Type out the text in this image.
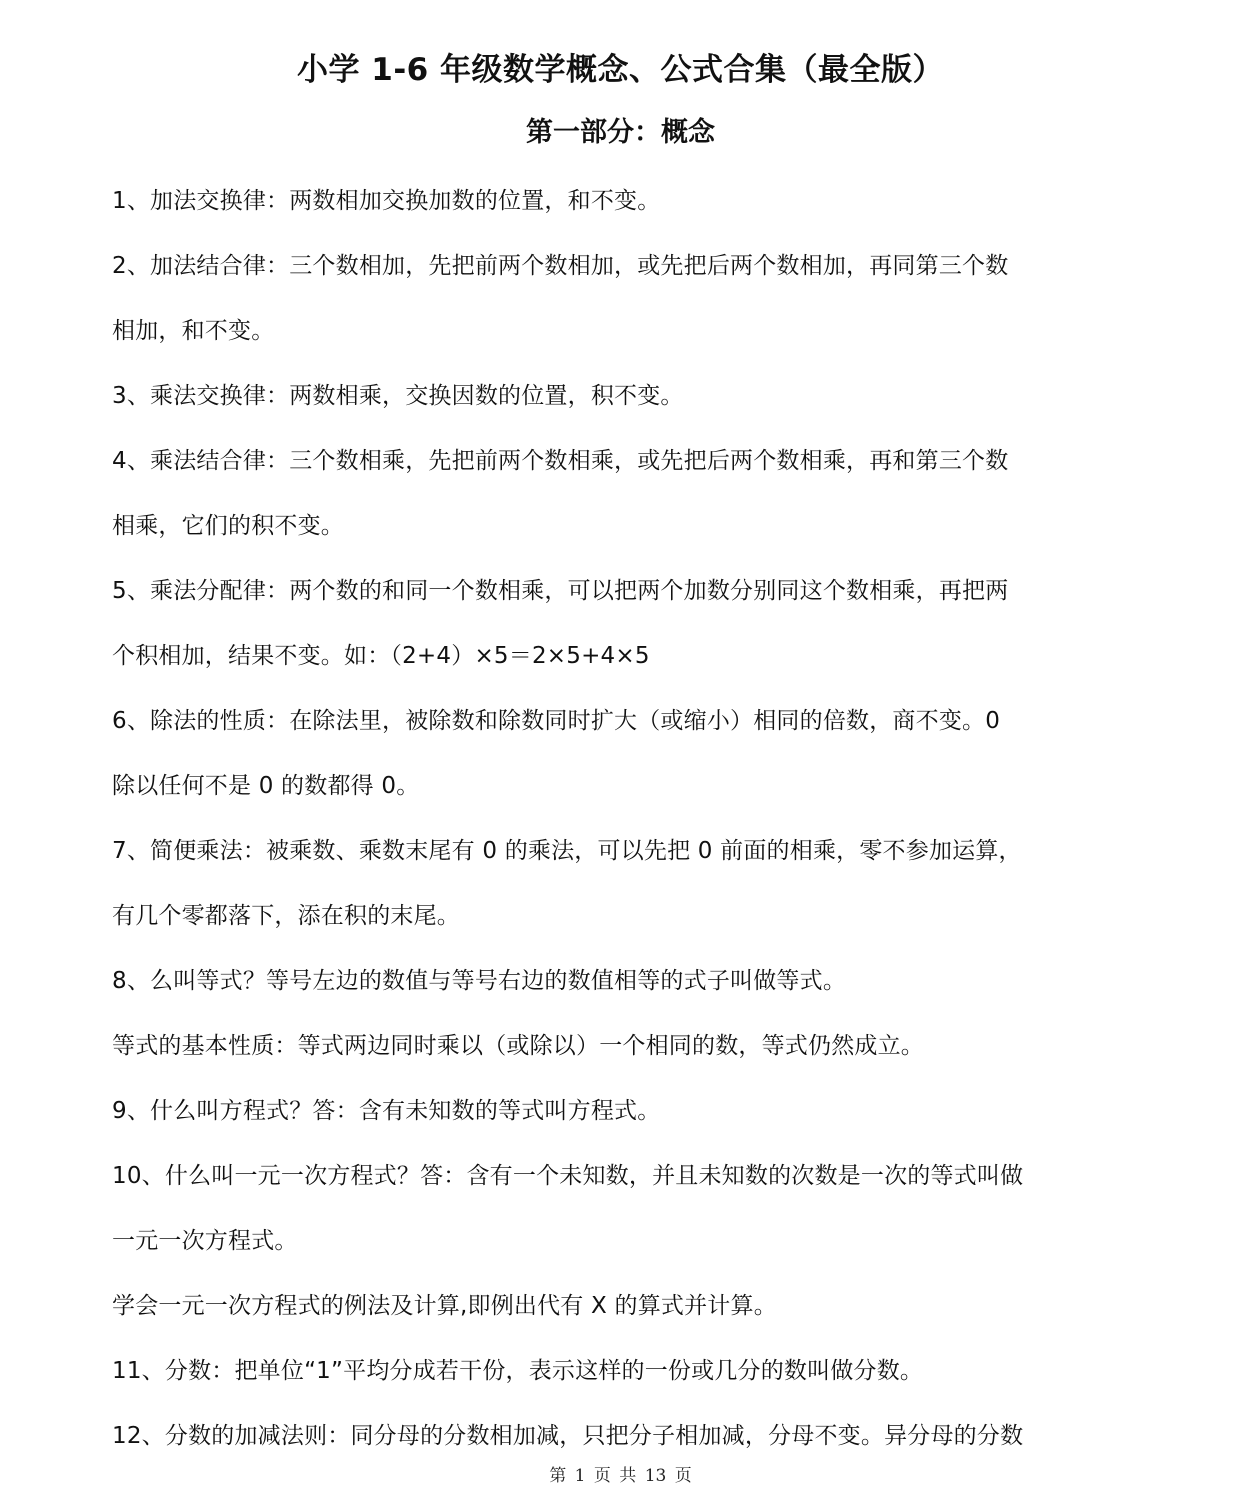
小学 1-6 年级数学概念、公式合集（最全版）
第一部分：概念
1、加法交换律：两数相加交换加数的位置，和不变。
2、加法结合律：三个数相加，先把前两个数相加，或先把后两个数相加，再同第三个数
相加，和不变。
3、乘法交换律：两数相乘，交换因数的位置，积不变。
4、乘法结合律：三个数相乘，先把前两个数相乘，或先把后两个数相乘，再和第三个数
相乘，它们的积不变。
5、乘法分配律：两个数的和同一个数相乘，可以把两个加数分别同这个数相乘，再把两
个积相加，结果不变。如：（2+4）×5＝2×5+4×5
6、除法的性质：在除法里，被除数和除数同时扩大（或缩小）相同的倍数，商不变。0
除以任何不是 0 的数都得 0。
7、简便乘法：被乘数、乘数末尾有 0 的乘法，可以先把 0 前面的相乘，零不参加运算，
有几个零都落下，添在积的末尾。
8、么叫等式？等号左边的数值与等号右边的数值相等的式子叫做等式。
等式的基本性质：等式两边同时乘以（或除以）一个相同的数，等式仍然成立。
9、什么叫方程式？答：含有未知数的等式叫方程式。
10、什么叫一元一次方程式？答：含有一个未知数，并且未知数的次数是一次的等式叫做
一元一次方程式。
学会一元一次方程式的例法及计算,即例出代有 X 的算式并计算。
11、分数：把单位“1”平均分成若干份，表示这样的一份或几分的数叫做分数。
12、分数的加减法则：同分母的分数相加减，只把分子相加减，分母不变。异分母的分数
第 1 页 共 13 页
